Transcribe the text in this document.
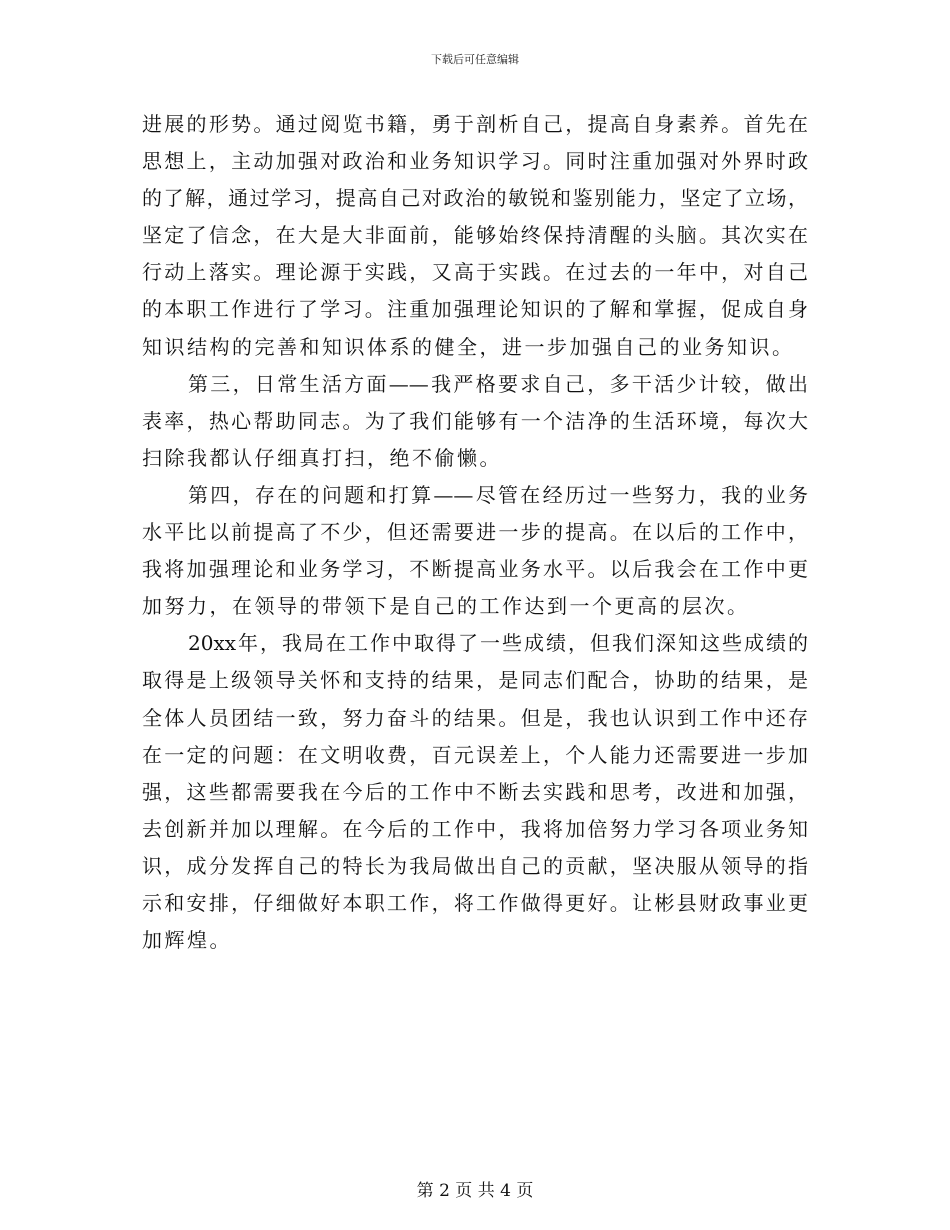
下载后可任意编辑
进展的形势。通过阅览书籍，勇于剖析自己，提高自身素养。首先在
思想上，主动加强对政治和业务知识学习。同时注重加强对外界时政
的了解，通过学习，提高自己对政治的敏锐和鉴别能力，坚定了立场，
坚定了信念，在大是大非面前，能够始终保持清醒的头脑。其次实在
行动上落实。理论源于实践，又高于实践。在过去的一年中，对自己
的本职工作进行了学习。注重加强理论知识的了解和掌握，促成自身
知识结构的完善和知识体系的健全，进一步加强自己的业务知识。
第三，日常生活方面——我严格要求自己，多干活少计较，做出
表率，热心帮助同志。为了我们能够有一个洁净的生活环境，每次大
扫除我都认仔细真打扫，绝不偷懒。
第四，存在的问题和打算——尽管在经历过一些努力，我的业务
水平比以前提高了不少，但还需要进一步的提高。在以后的工作中，
我将加强理论和业务学习，不断提高业务水平。以后我会在工作中更
加努力，在领导的带领下是自己的工作达到一个更高的层次。
20xx年，我局在工作中取得了一些成绩，但我们深知这些成绩的
取得是上级领导关怀和支持的结果，是同志们配合，协助的结果，是
全体人员团结一致，努力奋斗的结果。但是，我也认识到工作中还存
在一定的问题：在文明收费，百元误差上，个人能力还需要进一步加
强，这些都需要我在今后的工作中不断去实践和思考，改进和加强，
去创新并加以理解。在今后的工作中，我将加倍努力学习各项业务知
识，成分发挥自己的特长为我局做出自己的贡献，坚决服从领导的指
示和安排，仔细做好本职工作，将工作做得更好。让彬县财政事业更
加辉煌。
第 2 页 共 4 页
